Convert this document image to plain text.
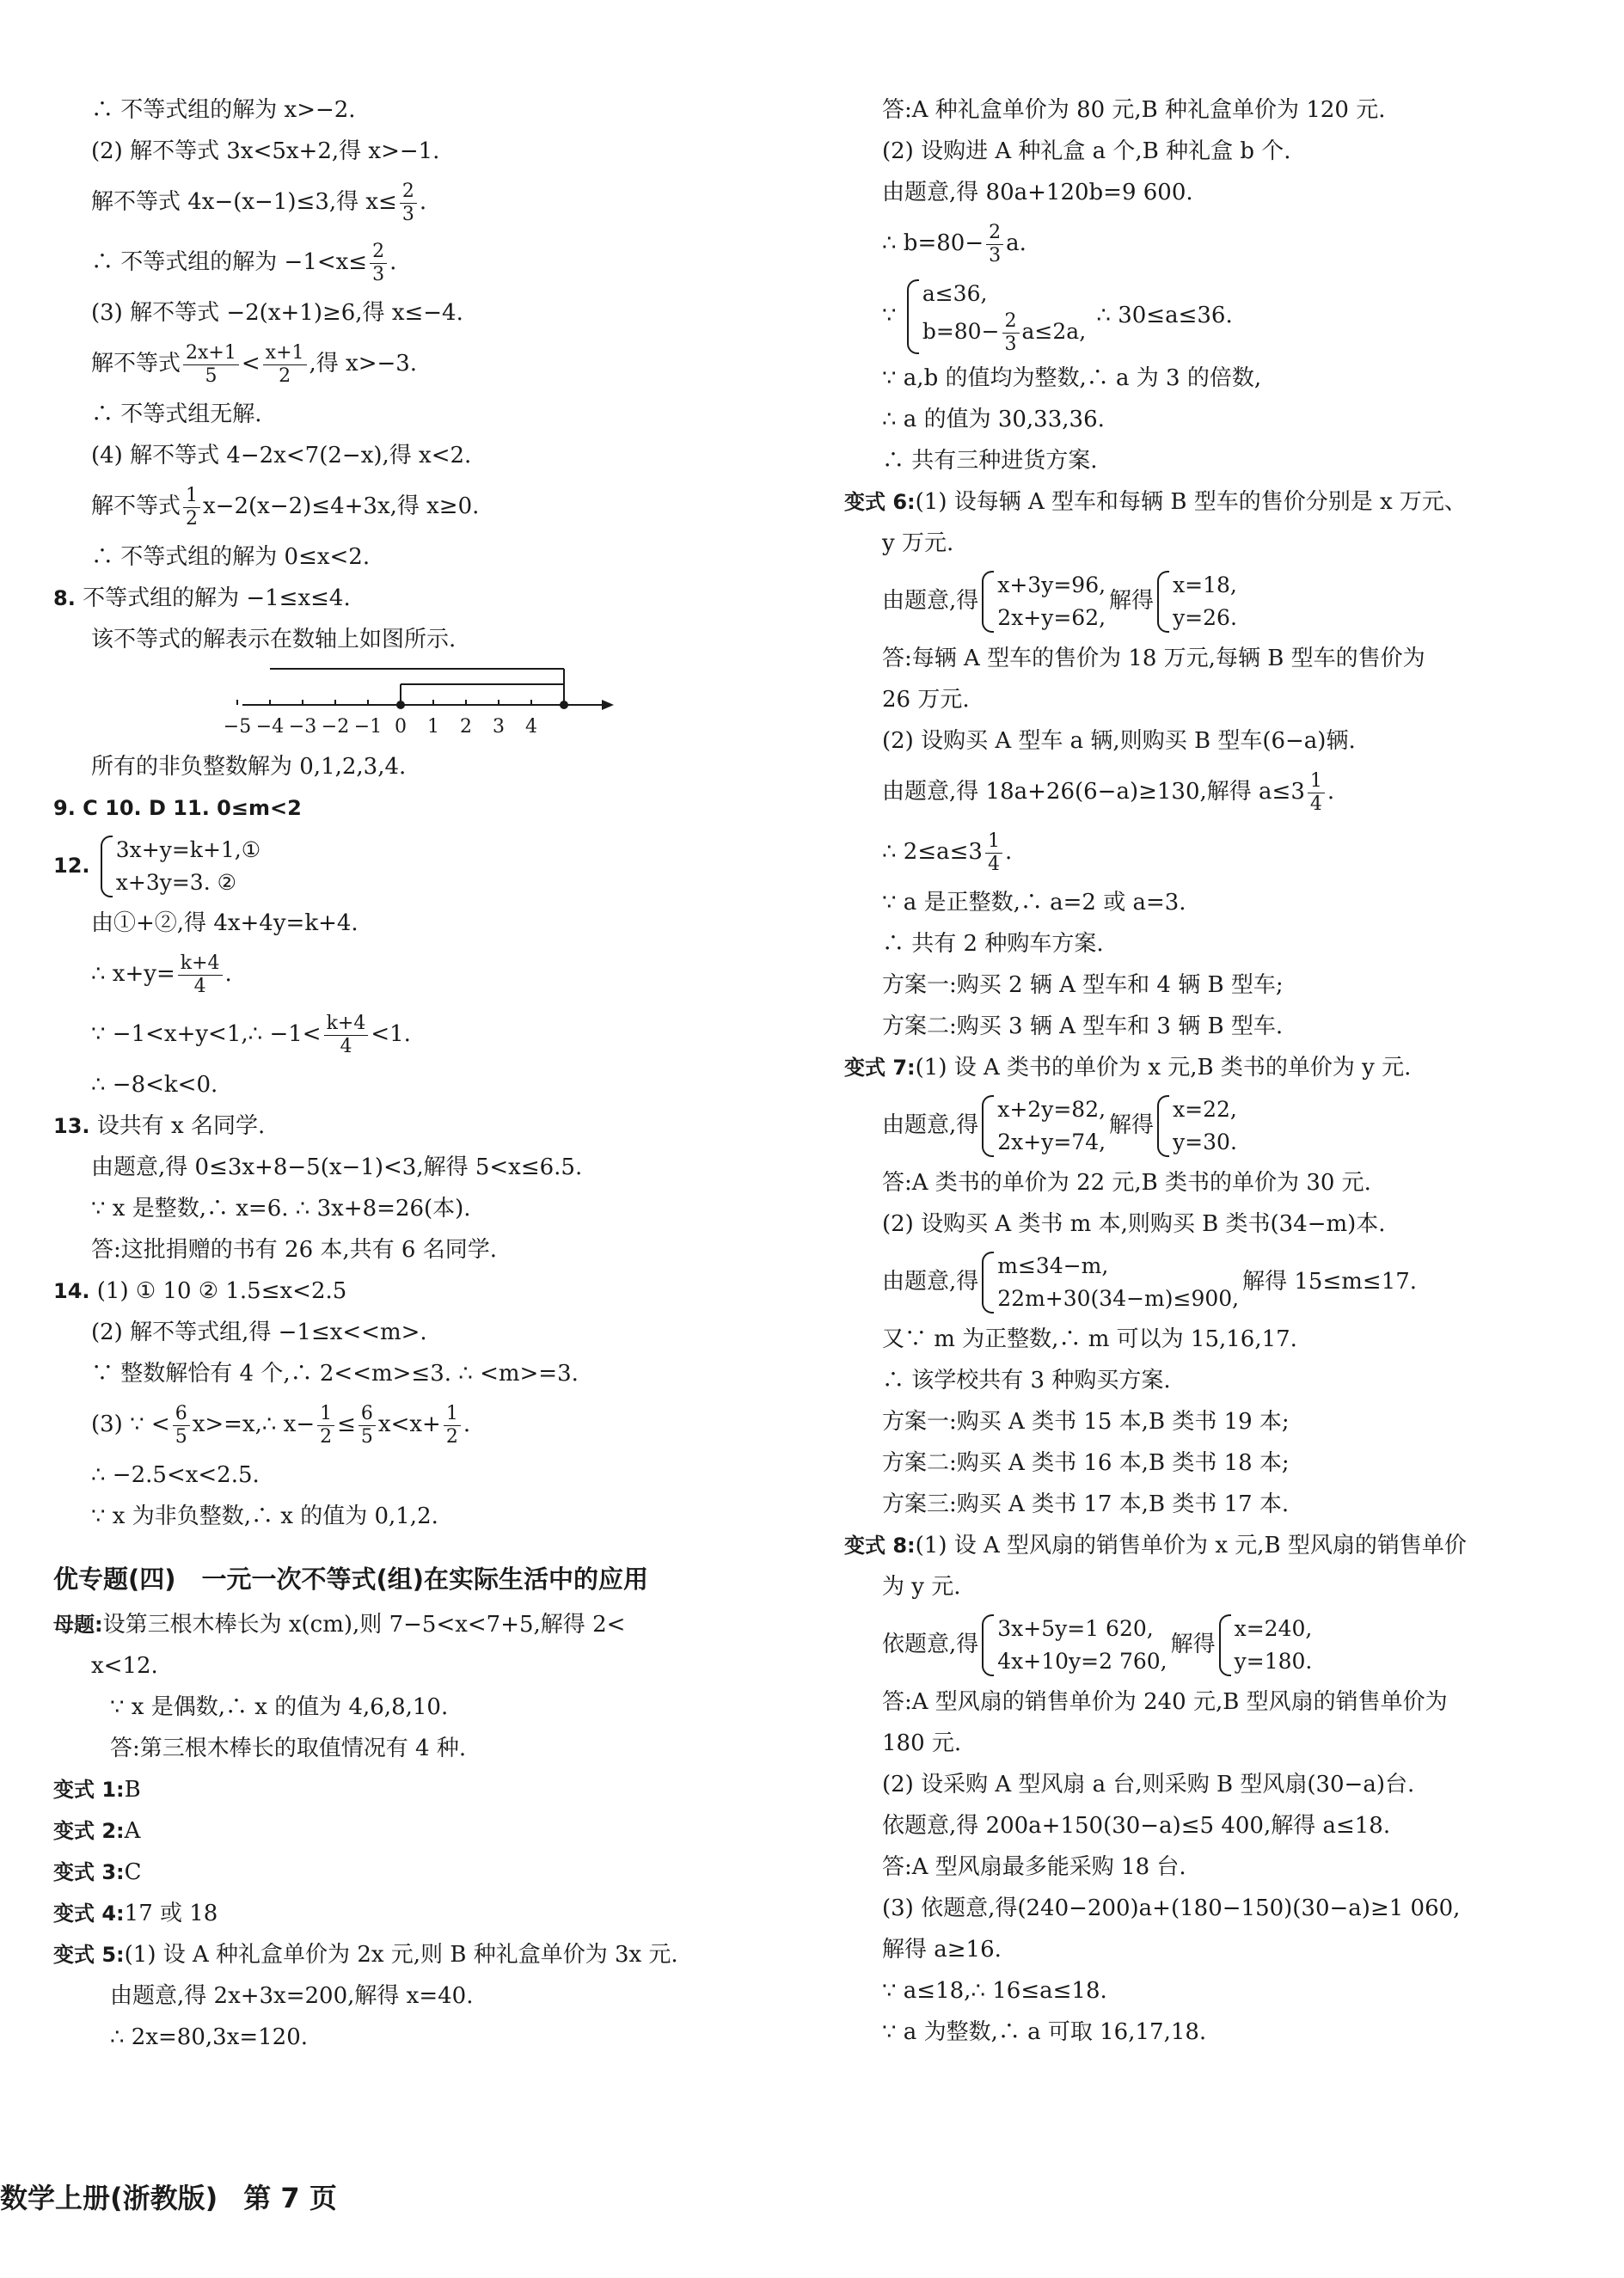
∴ 不等式组的解为 x>−2.
(2) 解不等式 3x<5x+2,得 x>−1.
解不等式 4x−(x−1)≤3,得 $x\le \frac{2}{3}$ .
∴ 不等式组的解为 $-1<x\le \frac{2}{3}$ .
(3) 解不等式 −2(x+1)≥6,得 x≤−4.
解不等式 $\frac{2x+1}{5} < \frac{x+1}{2}$ ,得 x>−3.
∴ 不等式组无解.
(4) 解不等式 4−2x<7(2−x),得 x<2.
解不等式 $\frac{1}{2} x-2(x-2)\le 4+3x$,得 x≥0.
∴ 不等式组的解为 0≤x<2.
8. 不等式组的解为 −1≤x≤4.
该不等式的解表示在数轴上如图所示.
−5 −4 −3 −2 −1 0 1 2 3 4
所有的非负整数解为 0,1,2,3,4.
9. C 10. D 11. 0≤m<2
12.
3x+y=k+1,①
x+3y=3. ②
由①+②,得 4x+4y=k+4.
∴ $x+y= \frac{k+4}{4}$ .
∵ −1<x+y<1,∴ $-1< \frac{k+4}{4} <1$.
∴ −8<k<0.
13. 设共有 x 名同学.
由题意,得 0≤3x+8−5(x−1)<3,解得 5<x≤6.5.
∵ x 是整数,∴ x=6. ∴ 3x+8=26(本).
答:这批捐赠的书有 26 本,共有 6 名同学.
14. (1) ① 10 ② 1.5≤x<2.5
(2) 解不等式组,得 −1≤x<<m>.
∵ 整数解恰有 4 个,∴ 2<<m>≤3. ∴ <m>=3.
(3) ∵ < $\frac{6}{5}$ x>=x,∴ $x- \frac{1}{2} \le \frac{6}{5} x<x+ \frac{1}{2}$ .
∴ −2.5<x<2.5.
∵ x 为非负整数,∴ x 的值为 0,1,2.
优专题(四) 一元一次不等式(组)在实际生活中的应用
母题:设第三根木棒长为 x(cm),则 7−5<x<7+5,解得 2<
x<12.
∵ x 是偶数,∴ x 的值为 4,6,8,10.
答:第三根木棒长的取值情况有 4 种.
变式 1:B
变式 2:A
变式 3:C
变式 4:17 或 18
变式 5:(1) 设 A 种礼盒单价为 2x 元,则 B 种礼盒单价为 3x 元.
由题意,得 2x+3x=200,解得 x=40.
∴ 2x=80,3x=120.
答:A 种礼盒单价为 80 元,B 种礼盒单价为 120 元.
(2) 设购进 A 种礼盒 a 个,B 种礼盒 b 个.
由题意,得 80a+120b=9 600.
∴ $b=80- \frac{2}{3} a$.
∵
a≤36,
$b=80- \frac{2}{3} a\le 2a$,
∴ 30≤a≤36.
∵ a,b 的值均为整数,∴ a 为 3 的倍数,
∴ a 的值为 30,33,36.
∴ 共有三种进货方案.
变式 6:(1) 设每辆 A 型车和每辆 B 型车的售价分别是 x 万元、
y 万元.
由题意,得
x+3y=96,
2x+y=62,
解得
x=18,
y=26.
答:每辆 A 型车的售价为 18 万元,每辆 B 型车的售价为
26 万元.
(2) 设购买 A 型车 a 辆,则购买 B 型车(6−a)辆.
由题意,得 18a+26(6−a)≥130,解得 $a\le 3 \frac{1}{4}$ .
∴ $2\le a\le 3 \frac{1}{4}$ .
∵ a 是正整数,∴ a=2 或 a=3.
∴ 共有 2 种购车方案.
方案一:购买 2 辆 A 型车和 4 辆 B 型车;
方案二:购买 3 辆 A 型车和 3 辆 B 型车.
变式 7:(1) 设 A 类书的单价为 x 元,B 类书的单价为 y 元.
由题意,得
x+2y=82,
2x+y=74,
解得
x=22,
y=30.
答:A 类书的单价为 22 元,B 类书的单价为 30 元.
(2) 设购买 A 类书 m 本,则购买 B 类书(34−m)本.
由题意,得
m≤34−m,
22m+30(34−m)≤900,
解得 15≤m≤17.
又∵ m 为正整数,∴ m 可以为 15,16,17.
∴ 该学校共有 3 种购买方案.
方案一:购买 A 类书 15 本,B 类书 19 本;
方案二:购买 A 类书 16 本,B 类书 18 本;
方案三:购买 A 类书 17 本,B 类书 17 本.
变式 8:(1) 设 A 型风扇的销售单价为 x 元,B 型风扇的销售单价
为 y 元.
依题意,得
3x+5y=1 620,
4x+10y=2 760,
解得
x=240,
y=180.
答:A 型风扇的销售单价为 240 元,B 型风扇的销售单价为
180 元.
(2) 设采购 A 型风扇 a 台,则采购 B 型风扇(30−a)台.
依题意,得 200a+150(30−a)≤5 400,解得 a≤18.
答:A 型风扇最多能采购 18 台.
(3) 依题意,得(240−200)a+(180−150)(30−a)≥1 060,
解得 a≥16.
∵ a≤18,∴ 16≤a≤18.
∵ a 为整数,∴ a 可取 16,17,18.
数学上册(浙教版) 第 7 页
